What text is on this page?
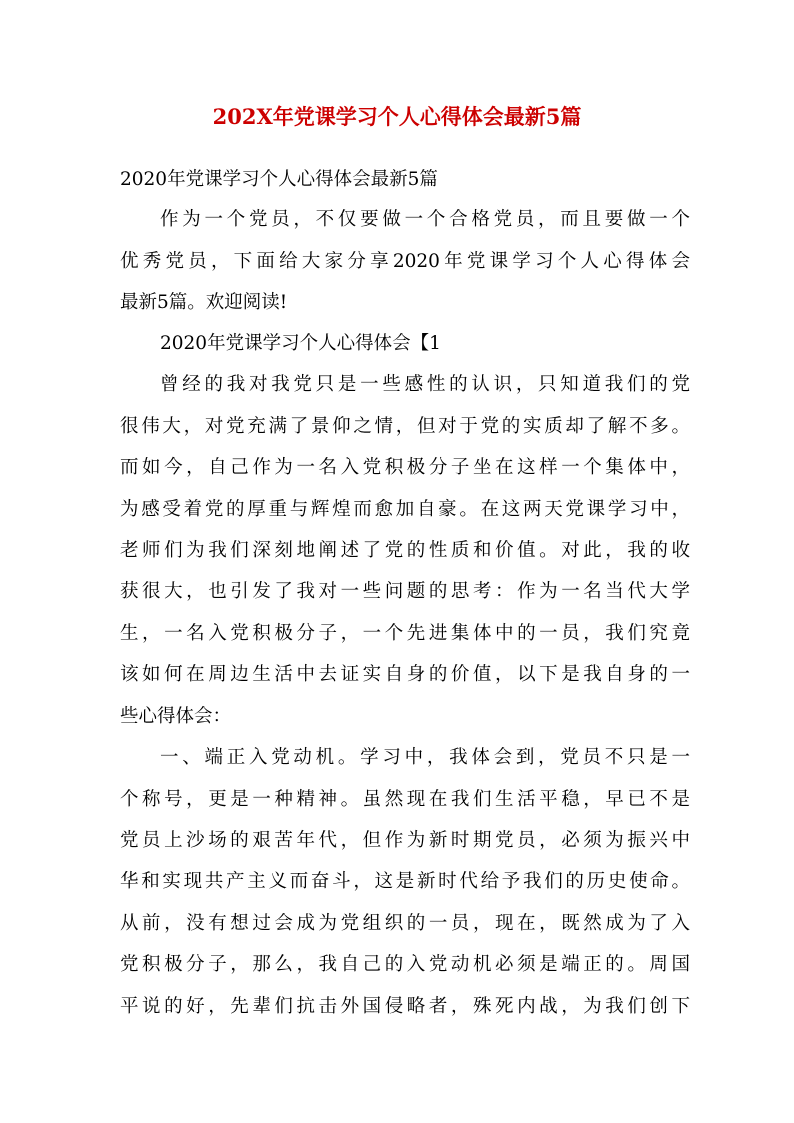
202X年党课学习个人心得体会最新5篇
2020年党课学习个人心得体会最新5篇
作为一个党员，不仅要做一个合格党员，而且要做一个
优秀党员，下面给大家分享2020年党课学习个人心得体会
最新5篇。欢迎阅读!
2020年党课学习个人心得体会【1
曾经的我对我党只是一些感性的认识，只知道我们的党
很伟大，对党充满了景仰之情，但对于党的实质却了解不多。
而如今，自己作为一名入党积极分子坐在这样一个集体中，
为感受着党的厚重与辉煌而愈加自豪。在这两天党课学习中，
老师们为我们深刻地阐述了党的性质和价值。对此，我的收
获很大，也引发了我对一些问题的思考：作为一名当代大学
生，一名入党积极分子，一个先进集体中的一员，我们究竟
该如何在周边生活中去证实自身的价值，以下是我自身的一
些心得体会：
一、端正入党动机。学习中，我体会到，党员不只是一
个称号，更是一种精神。虽然现在我们生活平稳，早已不是
党员上沙场的艰苦年代，但作为新时期党员，必须为振兴中
华和实现共产主义而奋斗，这是新时代给予我们的历史使命。
从前，没有想过会成为党组织的一员，现在，既然成为了入
党积极分子，那么，我自己的入党动机必须是端正的。周国
平说的好，先辈们抗击外国侵略者，殊死内战，为我们创下
